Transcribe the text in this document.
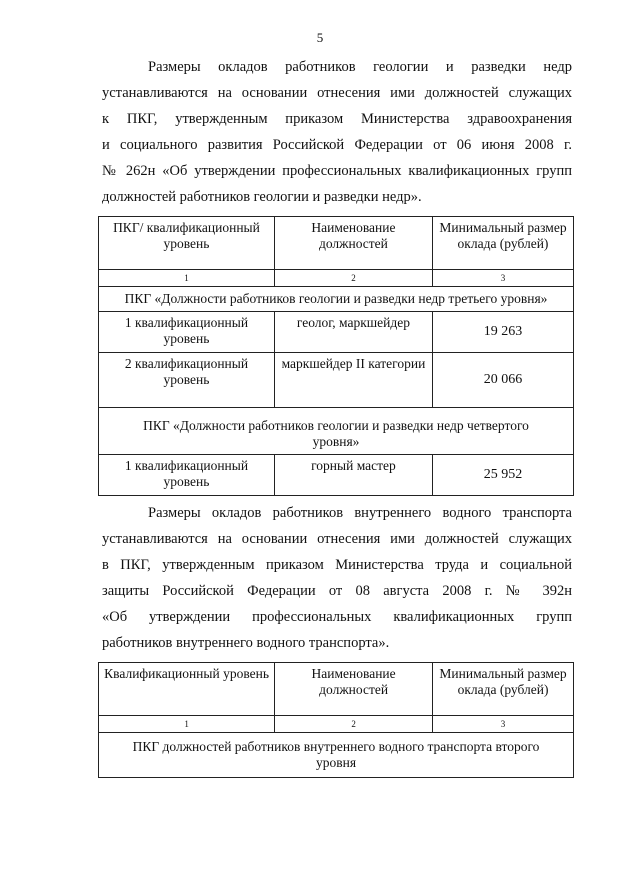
5

Размеры окладов работников геологии и разведки недр
устанавливаются на основании отнесения ими должностей служащих
к ПКГ, утвержденным приказом Министерства здравоохранения
и социального развития Российской Федерации от 06 июня 2008 г.
№ 262н «Об утверждении профессиональных квалификационных групп
должностей работников геологии и разведки недр».

ПКГ/ квалификационный уровень	Наименование должностей	Минимальный размер оклада (рублей)
1	2	3
ПКГ «Должности работников геологии и разведки недр третьего уровня»		
1 квалификационный уровень	геолог, маркшейдер	19 263
2 квалификационный уровень	маркшейдер II категории	20 066
ПКГ «Должности работников геологии и разведки недр четвертого уровня»		
1 квалификационный уровень	горный мастер	25 952

Размеры окладов работников внутреннего водного транспорта
устанавливаются на основании отнесения ими должностей служащих
в ПКГ, утвержденным приказом Министерства труда и социальной
защиты Российской Федерации от 08 августа 2008 г. № 392н
«Об утверждении профессиональных квалификационных групп
работников внутреннего водного транспорта».

Квалификационный уровень	Наименование должностей	Минимальный размер оклада (рублей)
1	2	3
ПКГ должностей работников внутреннего водного транспорта второго уровня		
